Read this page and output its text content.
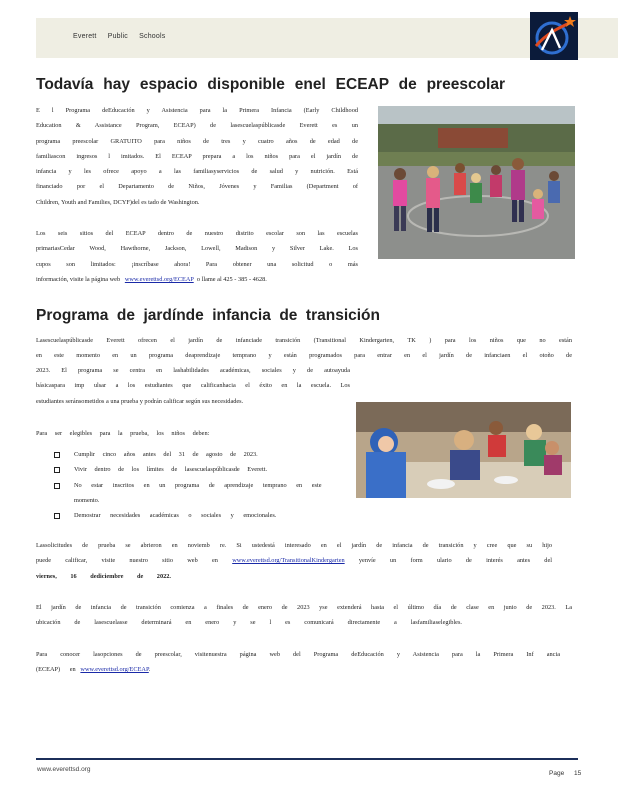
Everett Public Schools
Todavía hay espacio disponible enel ECEAP de preescolar
E l Programa deEducación y Asistencia para la Primera Infancia (Early Childhood
Education & Assistance Program, ECEAP) de lasescuelaspúblicasde Everett es un
programa preescolar GRATUITO para niños de tres y cuatro años de edad de
familiascon ingresos l imitados. El ECEAP prepara a los niños para el jardín de
infancia y les ofrece apoyo a las familiasyservicios de salud y nutrición. Está
financiado por el Departamento de Niños, Jóvenes y Familias (Department of
Children, Youth and Families, DCYF)del es tado de Washington.
Los seis sitios del ECEAP dentro de nuestro distrito escolar son las escuelas
primariasCedar Wood, Hawthorne, Jackson, Lowell, Madison y Silver Lake. Los
cupos son limitados: ¡inscríbase ahora! Para obtener una solicitud o más
información, visite la página web www.everettsd.org/ECEAP o llame al 425 - 385 - 4628.
Programa de jardínde infancia de transición
Lasescuelaspúblicasde Everett ofrecen el jardín de infanciade transición (Transitional Kindergarten, TK ) para los niños que no están
en este momento en un programa deaprendizaje temprano y están programados para entrar en el jardín de infanciaen el otoño de
2023. El programa se centra en lashabilidades académicas, sociales y de autoayuda
básicaspara imp ulsar a los estudiantes que calificanhacia el éxito en la escuela. Los
estudiantes seránsometidos a una prueba y podrán calificar según sus necesidades.
Para ser elegibles para la prueba, los niños deben:
Cumplir cinco años antes del 31 de agosto de 2023.
Vivir dentro de los límites de lasescuelaspúblicasde Everett.
No estar inscritos en un programa de aprendizaje temprano en este
momento.
Demostrar necesidades académicas o sociales y emocionales.
Lassolicitudes de prueba se abrieron en noviemb re. Si ustedestá interesado en el jardín de infancia de transición y cree que su hijo
puede calificar, visite nuestro sitio web en www.everettsd.org/TransitionalKindergarten yenvíe un form ulario de interés antes del
viernes, 16 dediciembre de 2022.
El jardín de infancia de transición comienza a finales de enero de 2023 yse extenderá hasta el último día de clase en junio de 2023. La
ubicación de lasescuelasse determinará en enero y se l es comunicará directamente a lasfamiliaselegibles.
Para conocer lasopciones de preescolar, visitenuestra página web del Programa deEducación y Asistencia para la Primera Inf ancia
(ECEAP) en www.everettsd.org/ECEAP.
www.everettsd.org
Page 15
